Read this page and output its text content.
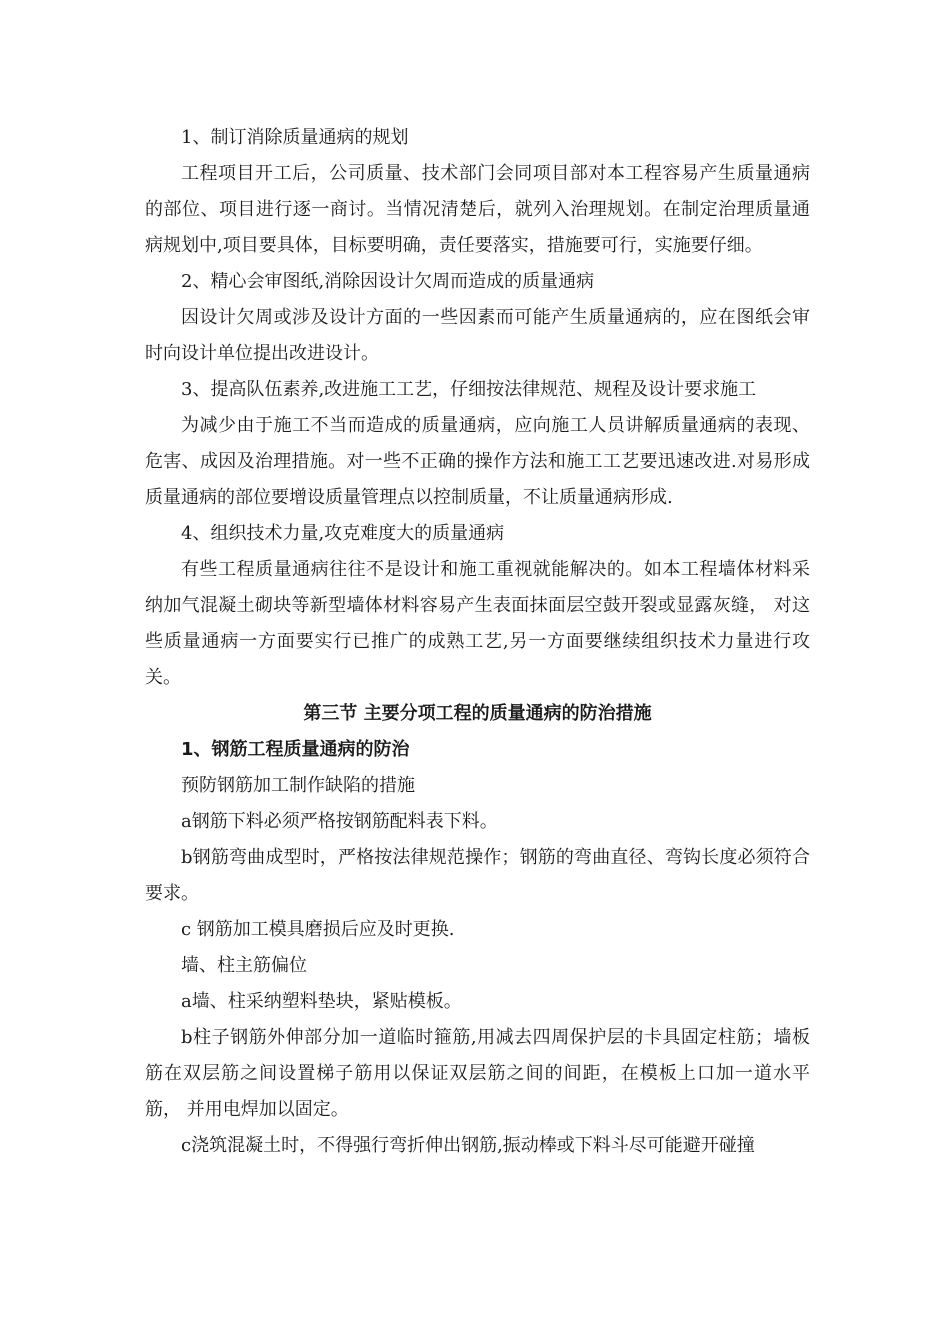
1、制订消除质量通病的规划

工程项目开工后，公司质量、技术部门会同项目部对本工程容易产生质量通病的部位、项目进行逐一商讨。当情况清楚后，就列入治理规划。在制定治理质量通病规划中,项目要具体，目标要明确，责任要落实，措施要可行，实施要仔细。

2、精心会审图纸,消除因设计欠周而造成的质量通病

因设计欠周或涉及设计方面的一些因素而可能产生质量通病的，应在图纸会审时向设计单位提出改进设计。

3、提高队伍素养,改进施工工艺，仔细按法律规范、规程及设计要求施工

为减少由于施工不当而造成的质量通病，应向施工人员讲解质量通病的表现、危害、成因及治理措施。对一些不正确的操作方法和施工工艺要迅速改进.对易形成质量通病的部位要增设质量管理点以控制质量，不让质量通病形成.

4、组织技术力量,攻克难度大的质量通病

有些工程质量通病往往不是设计和施工重视就能解决的。如本工程墙体材料采纳加气混凝土砌块等新型墙体材料容易产生表面抹面层空鼓开裂或显露灰缝， 对这些质量通病一方面要实行已推广的成熟工艺,另一方面要继续组织技术力量进行攻关。

第三节 主要分项工程的质量通病的防治措施

1、钢筋工程质量通病的防治

预防钢筋加工制作缺陷的措施

a钢筋下料必须严格按钢筋配料表下料。

b钢筋弯曲成型时，严格按法律规范操作；钢筋的弯曲直径、弯钩长度必须符合要求。

c 钢筋加工模具磨损后应及时更换.

墙、柱主筋偏位

a墙、柱采纳塑料垫块，紧贴模板。

b柱子钢筋外伸部分加一道临时箍筋,用减去四周保护层的卡具固定柱筋；墙板筋在双层筋之间设置梯子筋用以保证双层筋之间的间距，在模板上口加一道水平筋， 并用电焊加以固定。

c浇筑混凝土时，不得强行弯折伸出钢筋,振动棒或下料斗尽可能避开碰撞
